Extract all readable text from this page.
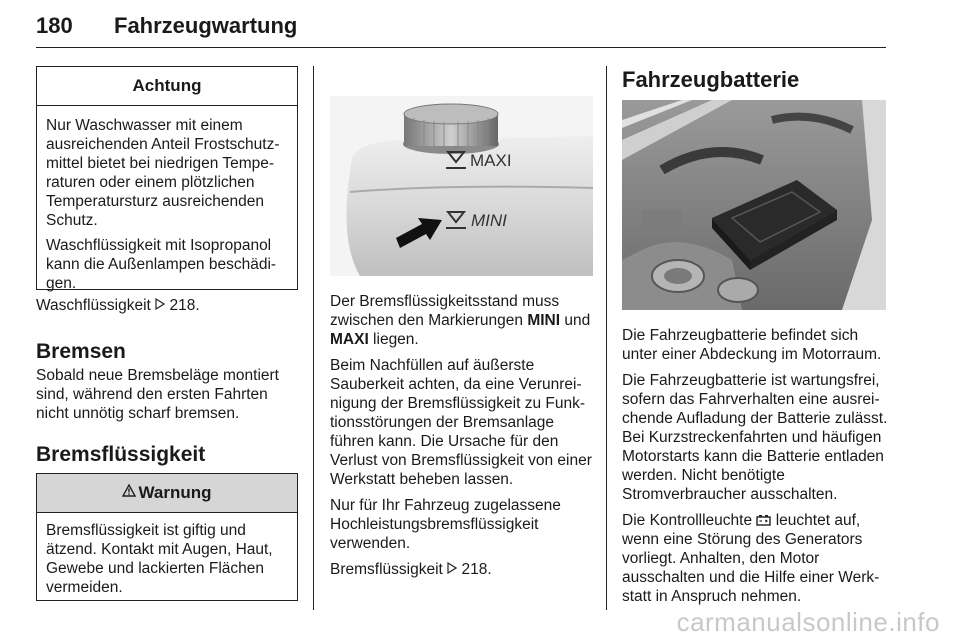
180 Fahrzeugwartung
Achtung

Nur Waschwasser mit einem ausreichenden Anteil Frostschutzmittel bietet bei niedrigen Temperaturen oder einem plötzlichen Temperatursturz ausreichenden Schutz.

Waschflüssigkeit mit Isopropanol kann die Außenlampen beschädigen.

Waschflüssigkeit 218.
Bremsen
Sobald neue Bremsbeläge montiert sind, während den ersten Fahrten nicht unnötig scharf bremsen.
Bremsflüssigkeit
Warnung
Bremsflüssigkeit ist giftig und ätzend. Kontakt mit Augen, Haut, Gewebe und lackierten Flächen vermeiden.
MAXI
MINI

Der Bremsflüssigkeitsstand muss zwischen den Markierungen MINI und MAXI liegen.

Beim Nachfüllen auf äußerste Sauberkeit achten, da eine Verunreinigung der Bremsflüssigkeit zu Funktionsstörungen der Bremsanlage führen kann. Die Ursache für den Verlust von Bremsflüssigkeit von einer Werkstatt beheben lassen.

Nur für Ihr Fahrzeug zugelassene Hochleistungsbremsflüssigkeit verwenden.

Bremsflüssigkeit 218.

Fahrzeugbatterie

Die Fahrzeugbatterie befindet sich unter einer Abdeckung im Motorraum.

Die Fahrzeugbatterie ist wartungsfrei, sofern das Fahrverhalten eine ausreichende Aufladung der Batterie zulässt. Bei Kurzstreckenfahrten und häufigen Motorstarts kann die Batterie entladen werden. Nicht benötigte Stromverbraucher ausschalten.

Die Kontrollleuchte leuchtet auf, wenn eine Störung des Generators vorliegt. Anhalten, den Motor ausschalten und die Hilfe einer Werkstatt in Anspruch nehmen.

carmanualsonline.info
